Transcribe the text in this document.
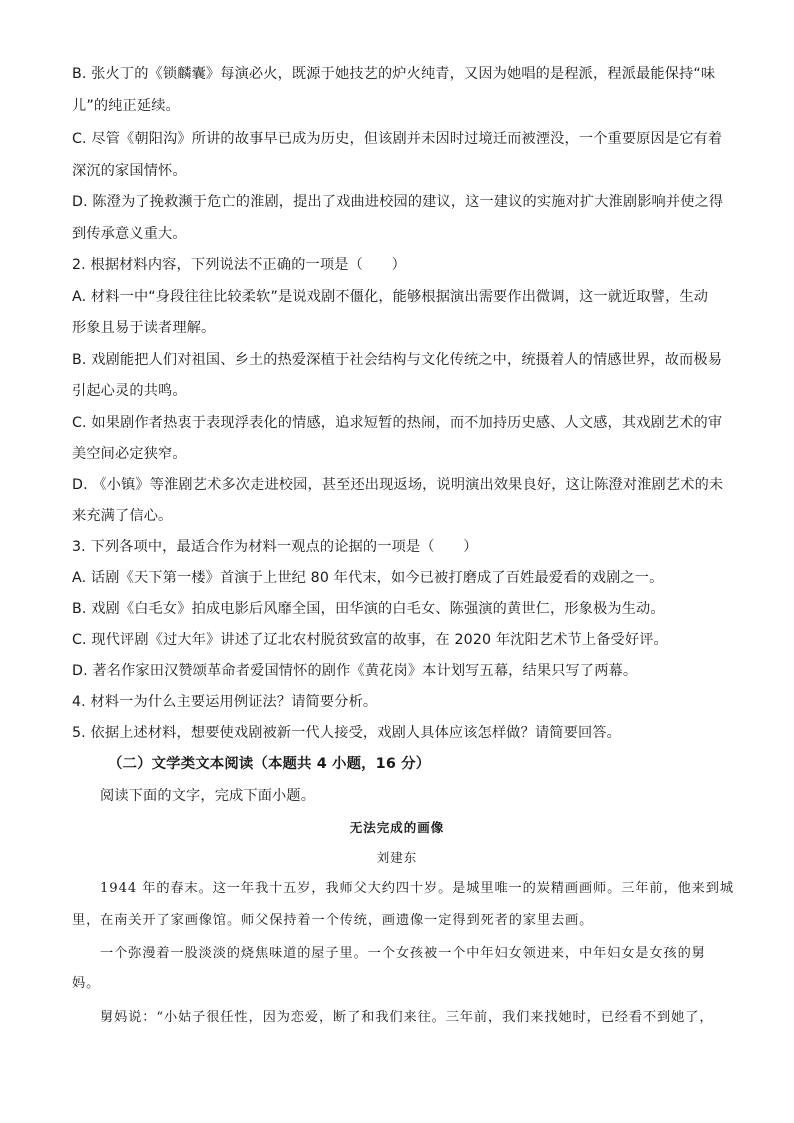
B. 张火丁的《锁麟囊》每演必火，既源于她技艺的炉火纯青，又因为她唱的是程派，程派最能保持“味
儿”的纯正延续。
C. 尽管《朝阳沟》所讲的故事早已成为历史，但该剧并未因时过境迁而被湮没，一个重要原因是它有着
深沉的家国情怀。
D. 陈澄为了挽救濒于危亡的淮剧，提出了戏曲进校园的建议，这一建议的实施对扩大淮剧影响并使之得
到传承意义重大。
2. 根据材料内容，下列说法不正确的一项是（　　）
A. 材料一中“身段往往比较柔软”是说戏剧不僵化，能够根据演出需要作出微调，这一就近取譬，生动
形象且易于读者理解。
B. 戏剧能把人们对祖国、乡土的热爱深植于社会结构与文化传统之中，统摄着人的情感世界，故而极易
引起心灵的共鸣。
C. 如果剧作者热衷于表现浮表化的情感，追求短暂的热闹，而不加持历史感、人文感，其戏剧艺术的审
美空间必定狭窄。
D. 《小镇》等淮剧艺术多次走进校园，甚至还出现返场，说明演出效果良好，这让陈澄对淮剧艺术的未
来充满了信心。
3. 下列各项中，最适合作为材料一观点的论据的一项是（　　）
A. 话剧《天下第一楼》首演于上世纪 80 年代末，如今已被打磨成了百姓最爱看的戏剧之一。
B. 戏剧《白毛女》拍成电影后风靡全国，田华演的白毛女、陈强演的黄世仁，形象极为生动。
C. 现代评剧《过大年》讲述了辽北农村脱贫致富的故事，在 2020 年沈阳艺术节上备受好评。
D. 著名作家田汉赞颂革命者爱国情怀的剧作《黄花岗》本计划写五幕，结果只写了两幕。
4. 材料一为什么主要运用例证法？请简要分析。
5. 依据上述材料，想要使戏剧被新一代人接受，戏剧人具体应该怎样做？请简要回答。
（二）文学类文本阅读（本题共 4 小题，16 分）
阅读下面的文字，完成下面小题。
无法完成的画像
刘建东
1944 年的春末。这一年我十五岁，我师父大约四十岁。是城里唯一的炭精画画师。三年前，他来到城
里，在南关开了家画像馆。师父保持着一个传统，画遗像一定得到死者的家里去画。
一个弥漫着一股淡淡的烧焦味道的屋子里。一个女孩被一个中年妇女领进来，中年妇女是女孩的舅
妈。
舅妈说：“小姑子很任性，因为恋爱，断了和我们来往。三年前，我们来找她时，已经看不到她了，
